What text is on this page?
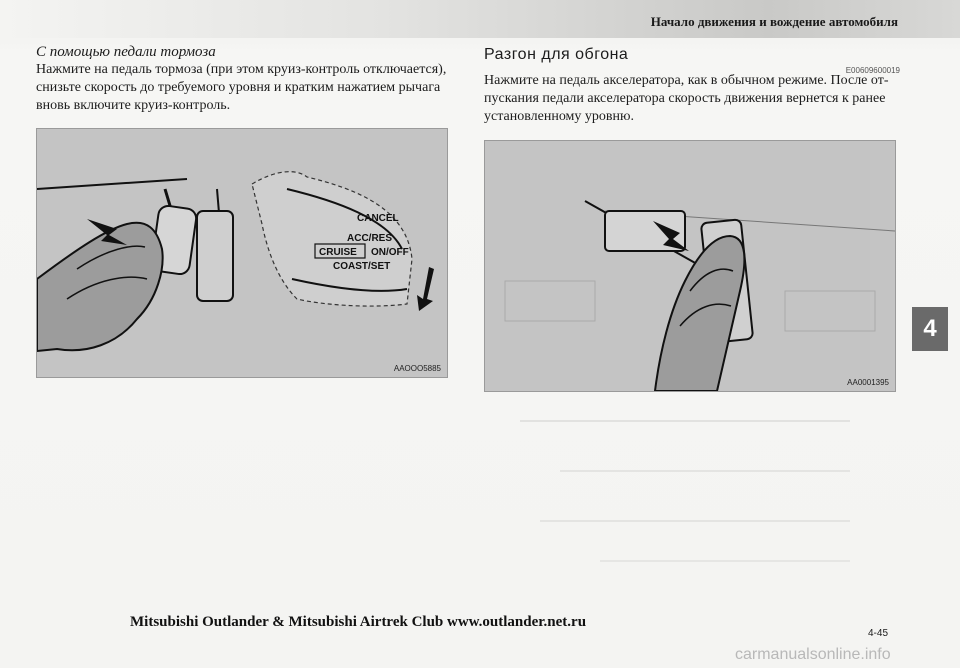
Начало движения и вождение автомобиля
С помощью педали тормоза

Нажмите на педаль тормоза (при этом круиз-контроль отключается), снизьте скорость до требуемого уровня и кратким нажатием рычага вновь включите круиз-контроль.

CANCEL
ACC/RES
CRUISE ON/OFF
COAST/SET
AAOOO5885
Разгон для обгона
E00609600019

Нажмите на педаль акселератора, как в обычном режиме. После от- пускания педали акселератора скорость движения вернется к ранее установленному уровню.

AA0001395
4
Mitsubishi Outlander & Mitsubishi Airtrek Club www.outlander.net.ru
4-45
carmanualsonline.info
